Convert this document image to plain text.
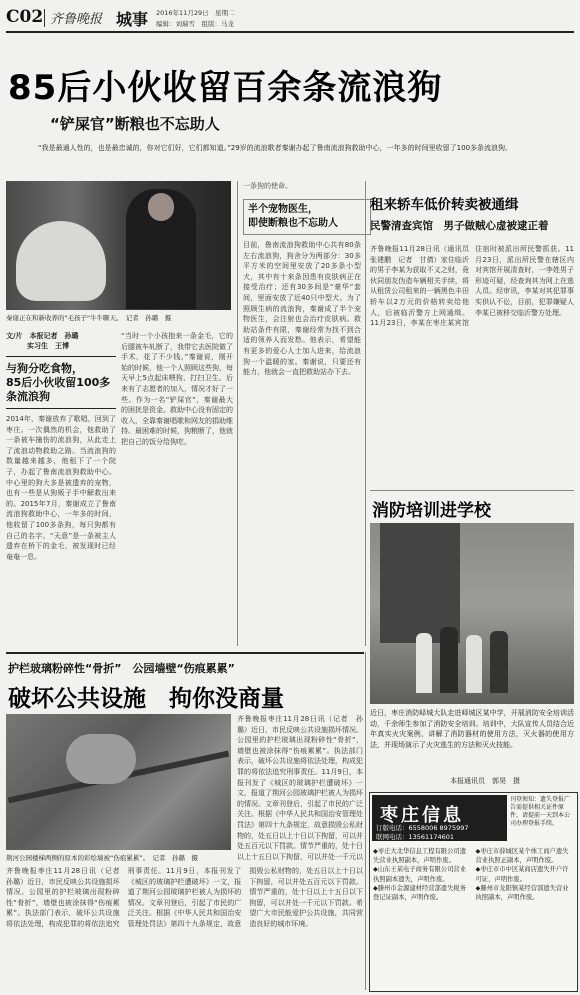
C02 齐鲁晚报 城事 2016年11月29日　星期二
编辑：刘瑞雪　组版：马龙
85后小伙收留百余条流浪狗
“铲屎官”断粮也不忘助人
“我是最通人性的，也是最忠诚的，你对它们好，它们都知道。”29岁的流浪歌者秦谢办起了鲁南流浪狗救助中心，一年多的时间里收留了100多条流浪狗。
秦谢正在和新收养的"毛孩子"牛牛聊天。　记者　孙璐　摄
文/片　本报记者　孙璐
　　　实习生　王博
与狗分吃食物，
85后小伙收留100多条流浪狗
2014年，秦谢放弃了歌唱，回到了枣庄。一次偶然的机会，他救助了一条被车撞伤的流浪狗，从此走上了流浪动物救助之路。当流浪狗的数量越来越多，他租下了一个院子，办起了鲁南流浪狗救助中心。中心里的狗大多是被遗弃的宠物，也有一些是从狗贩子手中解救出来的。2015年7月，秦谢成立了鲁南流浪狗救助中心，一年多的时间，他收留了100多条狗，每只狗都有自己的名字。“天意”是一条被主人遗弃在桥下的金毛，被发现时已经奄奄一息。
“当时一个小孩抱来一条金毛，它的后腿被车轧断了，我带它去医院做了手术，花了不少钱。”秦谢说，刚开始的时候，他一个人照顾这些狗，每天早上5点起床喂狗、打扫卫生。后来有了志愿者的加入，情况才好了一些。作为一名“铲屎官”，秦谢最大的困扰是资金。救助中心没有固定的收入，全靠秦谢唱歌和网友的捐助维持。最困难的时候，狗粮断了，他就把自己的饭分给狗吃。
一条狗的使命。
半个宠物医生，
即使断粮也不忘助人
目前，鲁南流浪狗救助中心共有80条左右流浪狗，狗舍分为两部分：30多平方米的空间里安放了20多条小型犬，其中有十来条因患有皮肤病正在接受治疗；还有30多间是“豪华”套间，里面安放了近40只中型犬。为了照顾生病的流浪狗，秦谢成了半个宠物医生，会注射也会治疗皮肤病。救助站条件有限，秦谢经常为找不到合适的领养人而发愁。他表示，希望能有更多的爱心人士加入进来，给流浪狗一个温暖的家。秦谢说，只要还有能力，他就会一直把救助站办下去。
租来轿车低价转卖被通缉
民警清查宾馆　男子做贼心虚被逮正着
齐鲁晚报11月28日讯（通讯员　张建鹏　记者　甘倩）家住临沂的男子李某为获取不义之财，竟伙同朋友伪造车辆相关手续，将从租赁公司租来的一辆黑色丰田轿车以2万元的价格转卖给他人，后被临沂警方上网通缉。11月23日，李某在枣庄某宾馆住宿时被派出所民警抓获。11月23日，派出所民警在辖区内对宾馆开展清查时，一李姓男子形迹可疑，经查询其为网上在逃人员。经审讯，李某对其犯罪事实供认不讼，目前，犯罪嫌疑人李某已被移交临沂警方处理。
消防培训进学校
近日，枣庄消防峄城大队走进峄城区某中学，开展消防安全培训活动，千余师生参加了消防安全培训。培训中，大队宣传人员结合近年真实火灾案例，讲解了消防器材的使用方法，灭火器的使用方法，并现场演示了火灾逃生的方法和灭火技能。
本报通讯员　郭昊　摄
护栏玻璃粉碎性“骨折”　公园墙壁“伤痕累累”
破坏公共设施　拘你没商量
荆河公园楼梯两侧的原本的彩绘墙被“伤痕累累”。　记者　孙璐　摄
齐鲁晚报枣庄11月28日讯（记者　孙璐）近日，市民反映公共设施损坏情况。公园里的护栏玻璃出现粉碎性“骨折”，墙壁也被涂抹得“伤痕累累”。执法部门表示，破坏公共设施将依法处理，构成犯罪的将依法追究刑事责任。11月9日，本报刊发了《城区的玻璃护栏遭破坏》一文，报道了荆河公园玻璃护栏被人为损坏的情况。文章刊登后，引起了市民的广泛关注。根据《中华人民共和国治安管理处罚法》第四十九条规定，故意损毁公私财物的，处五日以上十日以下拘留，可以并处五百元以下罚款。情节严重的，处十日以上十五日以下拘留，可以并处一千元以下罚款。希望广大市民能爱护公共设施，共同营造良好的城市环境。
齐鲁晚报枣庄11月28日讯（记者　孙璐）近日，市民反映公共设施损坏情况。公园里的护栏玻璃出现粉碎性“骨折”，墙壁也被涂抹得“伤痕累累”。执法部门表示，破坏公共设施将依法处理，构成犯罪的将依法追究刑事责任。11月9日，本报刊发了《城区的玻璃护栏遭破坏》一文，报道了荆河公园玻璃护栏被人为损坏的情况。文章刊登后，引起了市民的广泛关注。根据《中华人民共和国治安管理处罚法》第四十九条规定，故意损毁公私财物的，处五日以上十日以下拘留，可以并处五百元以下罚款。情节严重的，处十日以上十五日以下拘留，可以并处一千元以
枣庄信息
订版电话：6558006 8975997
联网电话：13561174601
刊登须知：遗失登报广告需提供相关证件原件，请提前一天到本公司办理登报手续。
◆枣庄大北华信息工程有限公司遗失营业执照副本，声明作废。
◆山东王某电子商务有限公司营业执照副本遗失，声明作废。
◆滕州市金源建材经营部遗失税务登记证副本，声明作废。
◆枣庄市薛城区某个体工商户遗失营业执照正副本，声明作废。
◆枣庄市市中区某商店遗失开户许可证，声明作废。
◆滕州市龙阳镇某经营部遗失营业执照副本，声明作废。
